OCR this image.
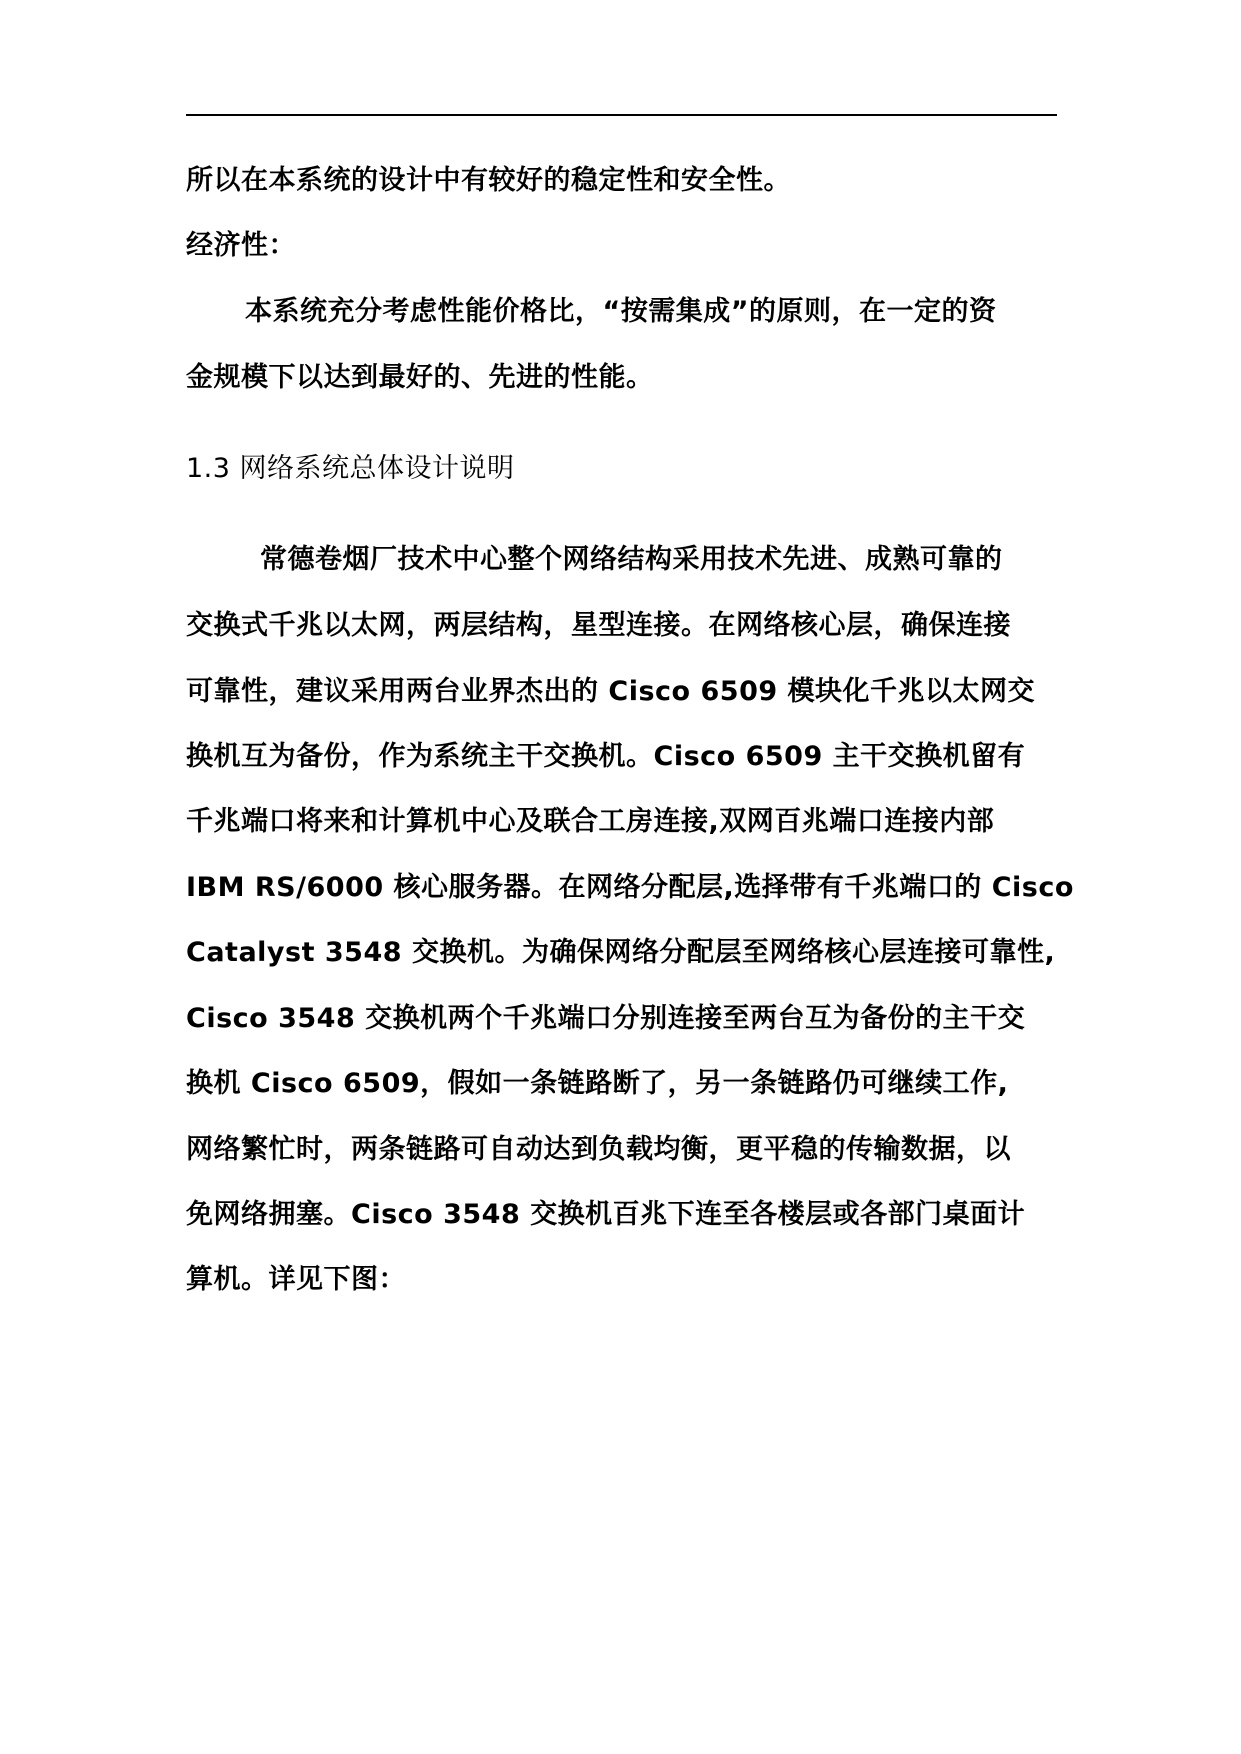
所以在本系统的设计中有较好的稳定性和安全性。
经济性：
本系统充分考虑性能价格比，“按需集成”的原则，在一定的资
金规模下以达到最好的、先进的性能。
1.3 网络系统总体设计说明
常德卷烟厂技术中心整个网络结构采用技术先进、成熟可靠的
交换式千兆以太网，两层结构，星型连接。在网络核心层，确保连接
可靠性，建议采用两台业界杰出的 Cisco 6509 模块化千兆以太网交
换机互为备份，作为系统主干交换机。Cisco 6509 主干交换机留有
千兆端口将来和计算机中心及联合工房连接,双网百兆端口连接内部
IBM RS/6000 核心服务器。在网络分配层,选择带有千兆端口的 Cisco
Catalyst 3548 交换机。为确保网络分配层至网络核心层连接可靠性,
Cisco 3548 交换机两个千兆端口分别连接至两台互为备份的主干交
换机 Cisco 6509，假如一条链路断了，另一条链路仍可继续工作,
网络繁忙时，两条链路可自动达到负载均衡，更平稳的传输数据，以
免网络拥塞。Cisco 3548 交换机百兆下连至各楼层或各部门桌面计
算机。详见下图：
